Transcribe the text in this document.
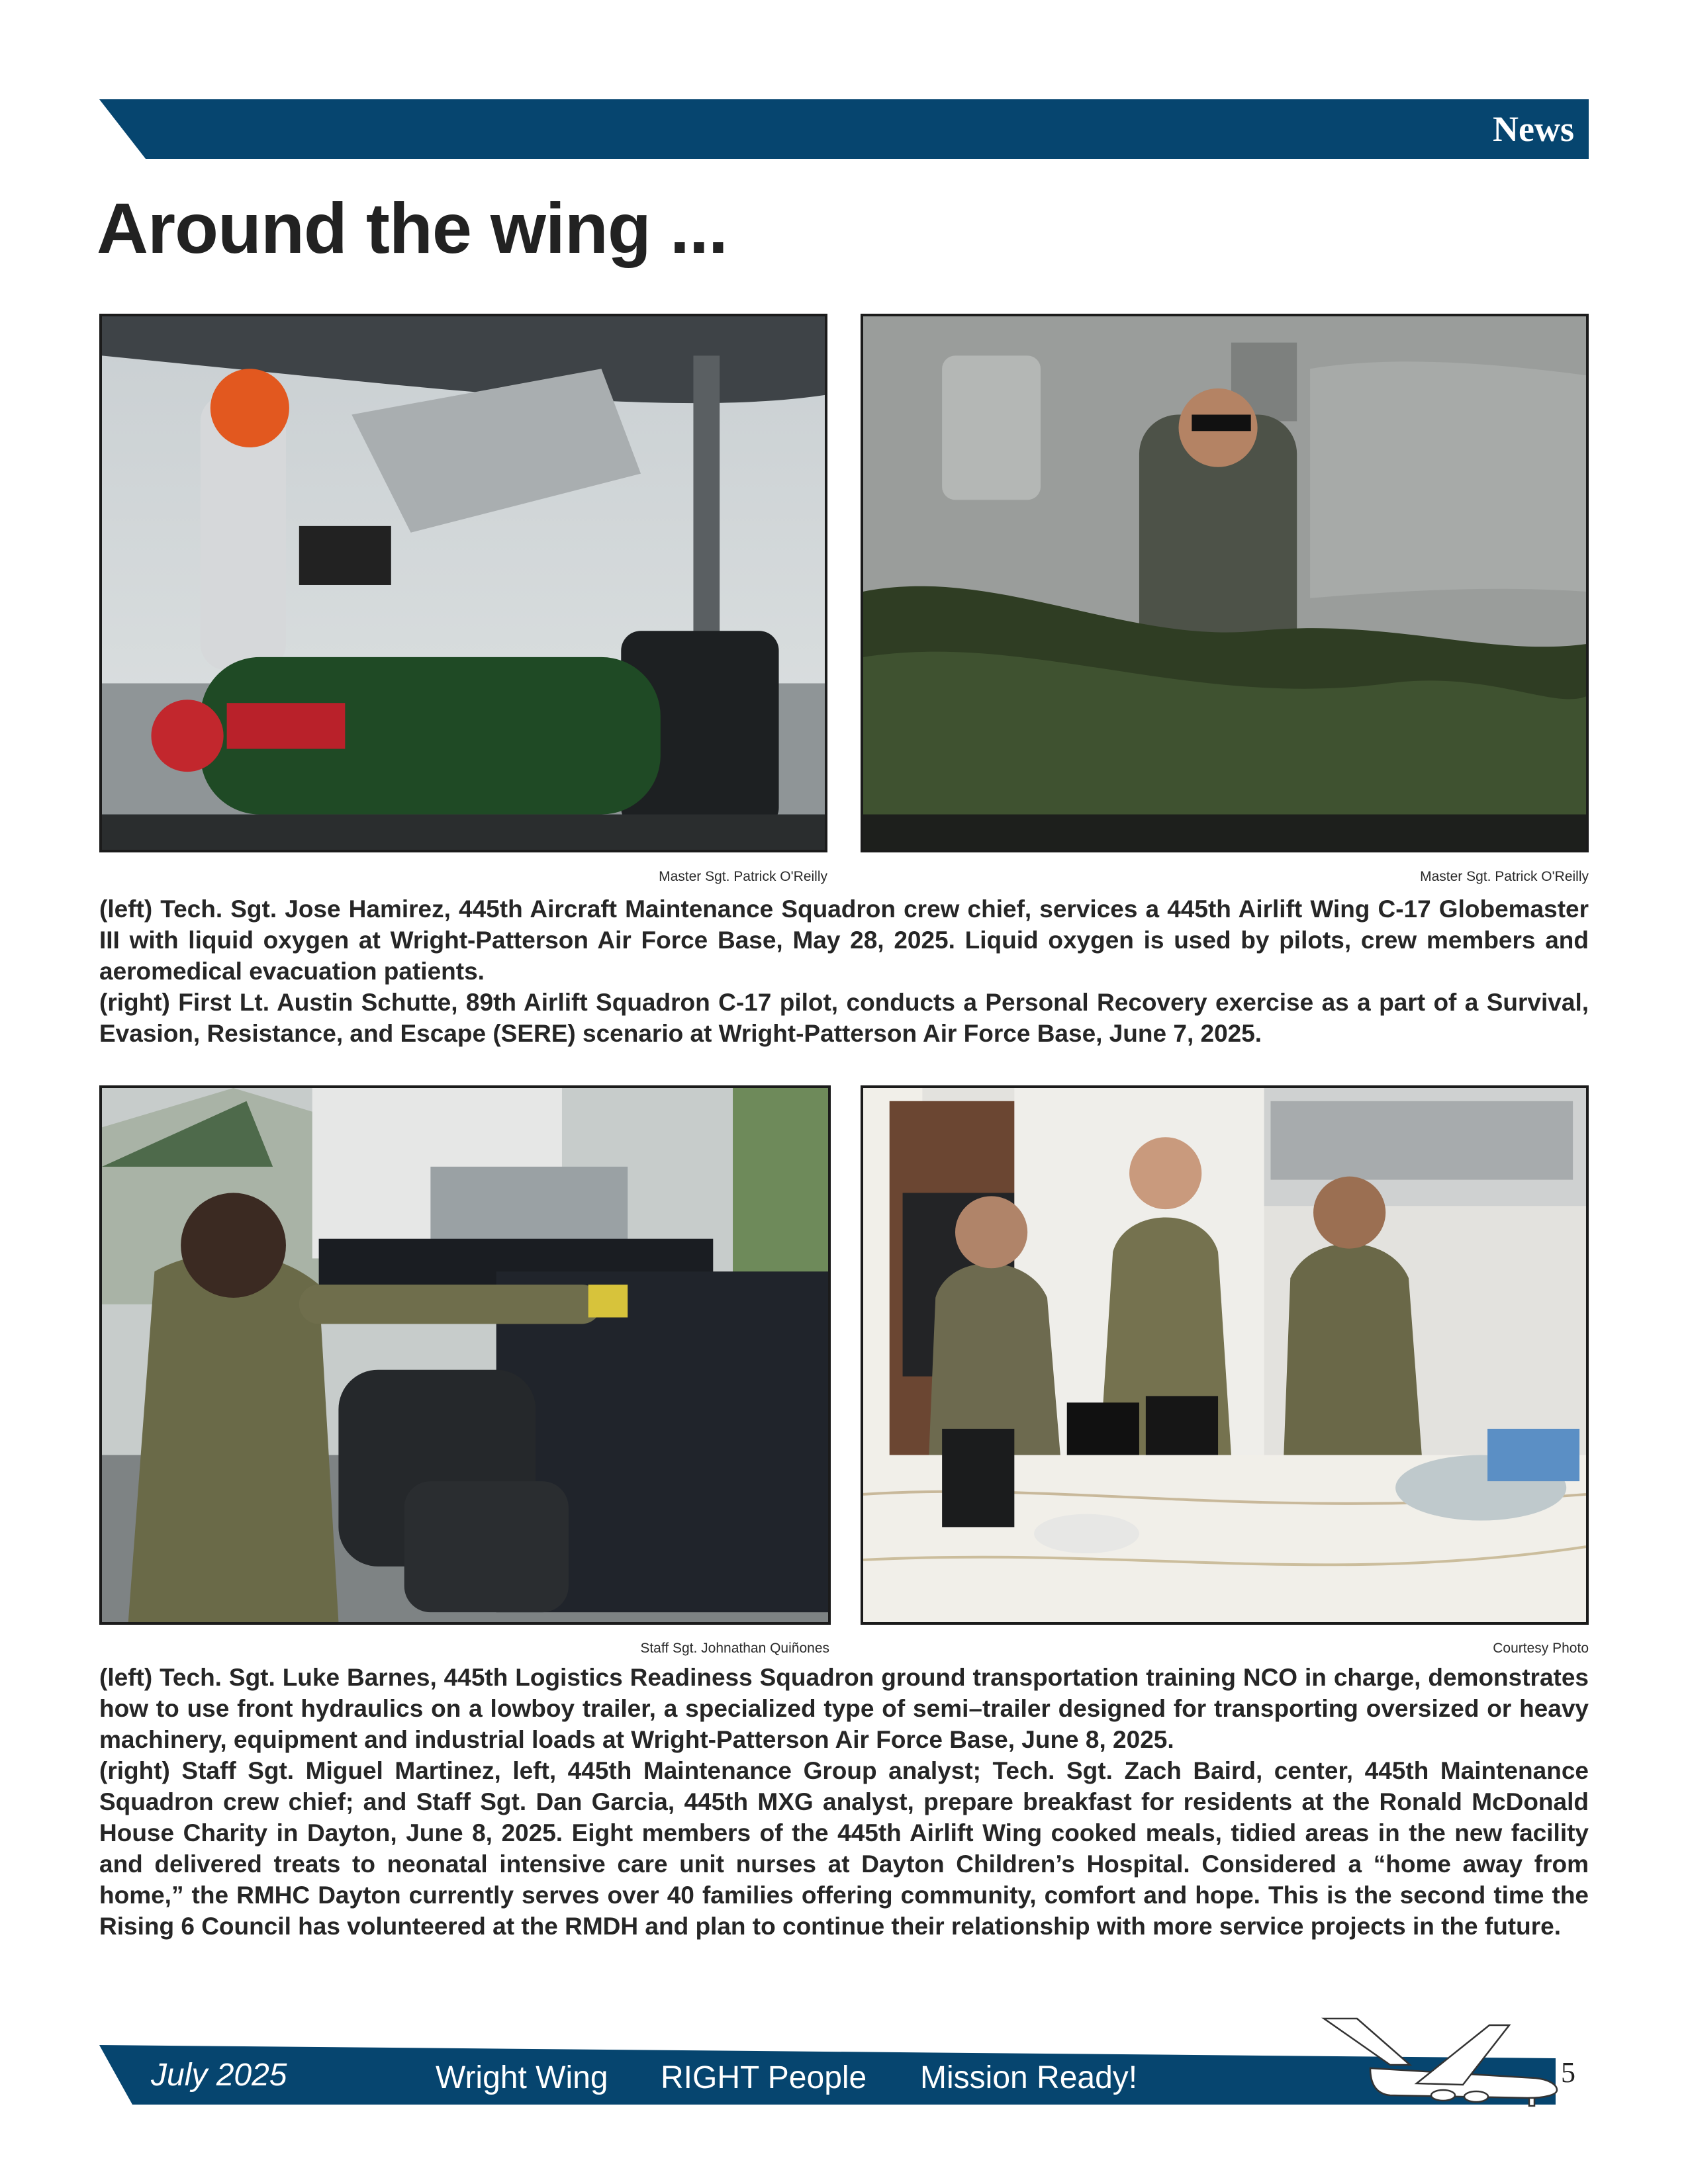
News
Around the wing ...
Master Sgt. Patrick O'Reilly	Master Sgt. Patrick O'Reilly

(left) Tech. Sgt. Jose Hamirez, 445th Aircraft Maintenance Squadron crew chief, services a 445th Airlift Wing C-17 Globemaster III with liquid oxygen at Wright-Patterson Air Force Base, May 28, 2025. Liquid oxygen is used by pilots, crew members and aeromedical evacuation patients.

(right) First Lt. Austin Schutte, 89th Airlift Squadron C-17 pilot, conducts a Personal Recovery exercise as a part of a Survival, Evasion, Resistance, and Escape (SERE) scenario at Wright-Patterson Air Force Base, June 7, 2025.

Staff Sgt. Johnathan Quiñones	Courtesy Photo

(left) Tech. Sgt. Luke Barnes, 445th Logistics Readiness Squadron ground transportation training NCO in charge, demonstrates how to use front hydraulics on a lowboy trailer, a specialized type of semi–trailer designed for transporting oversized or heavy machinery, equipment and industrial loads at Wright-Patterson Air Force Base, June 8, 2025.

(right) Staff Sgt. Miguel Martinez, left, 445th Maintenance Group analyst; Tech. Sgt. Zach Baird, center, 445th Maintenance Squadron crew chief; and Staff Sgt. Dan Garcia, 445th MXG analyst, prepare breakfast for residents at the Ronald McDonald House Charity in Dayton, June 8, 2025. Eight members of the 445th Airlift Wing cooked meals, tidied areas in the new facility and delivered treats to neonatal intensive care unit nurses at Dayton Children’s Hospital. Considered a “home away from home,” the RMHC Dayton currently serves over 40 families offering community, comfort and hope. This is the second time the Rising 6 Council has volunteered at the RMDH and plan to continue their relationship with more service projects in the future.

July 2025	Wright Wing RIGHT People Mission Ready!	5
